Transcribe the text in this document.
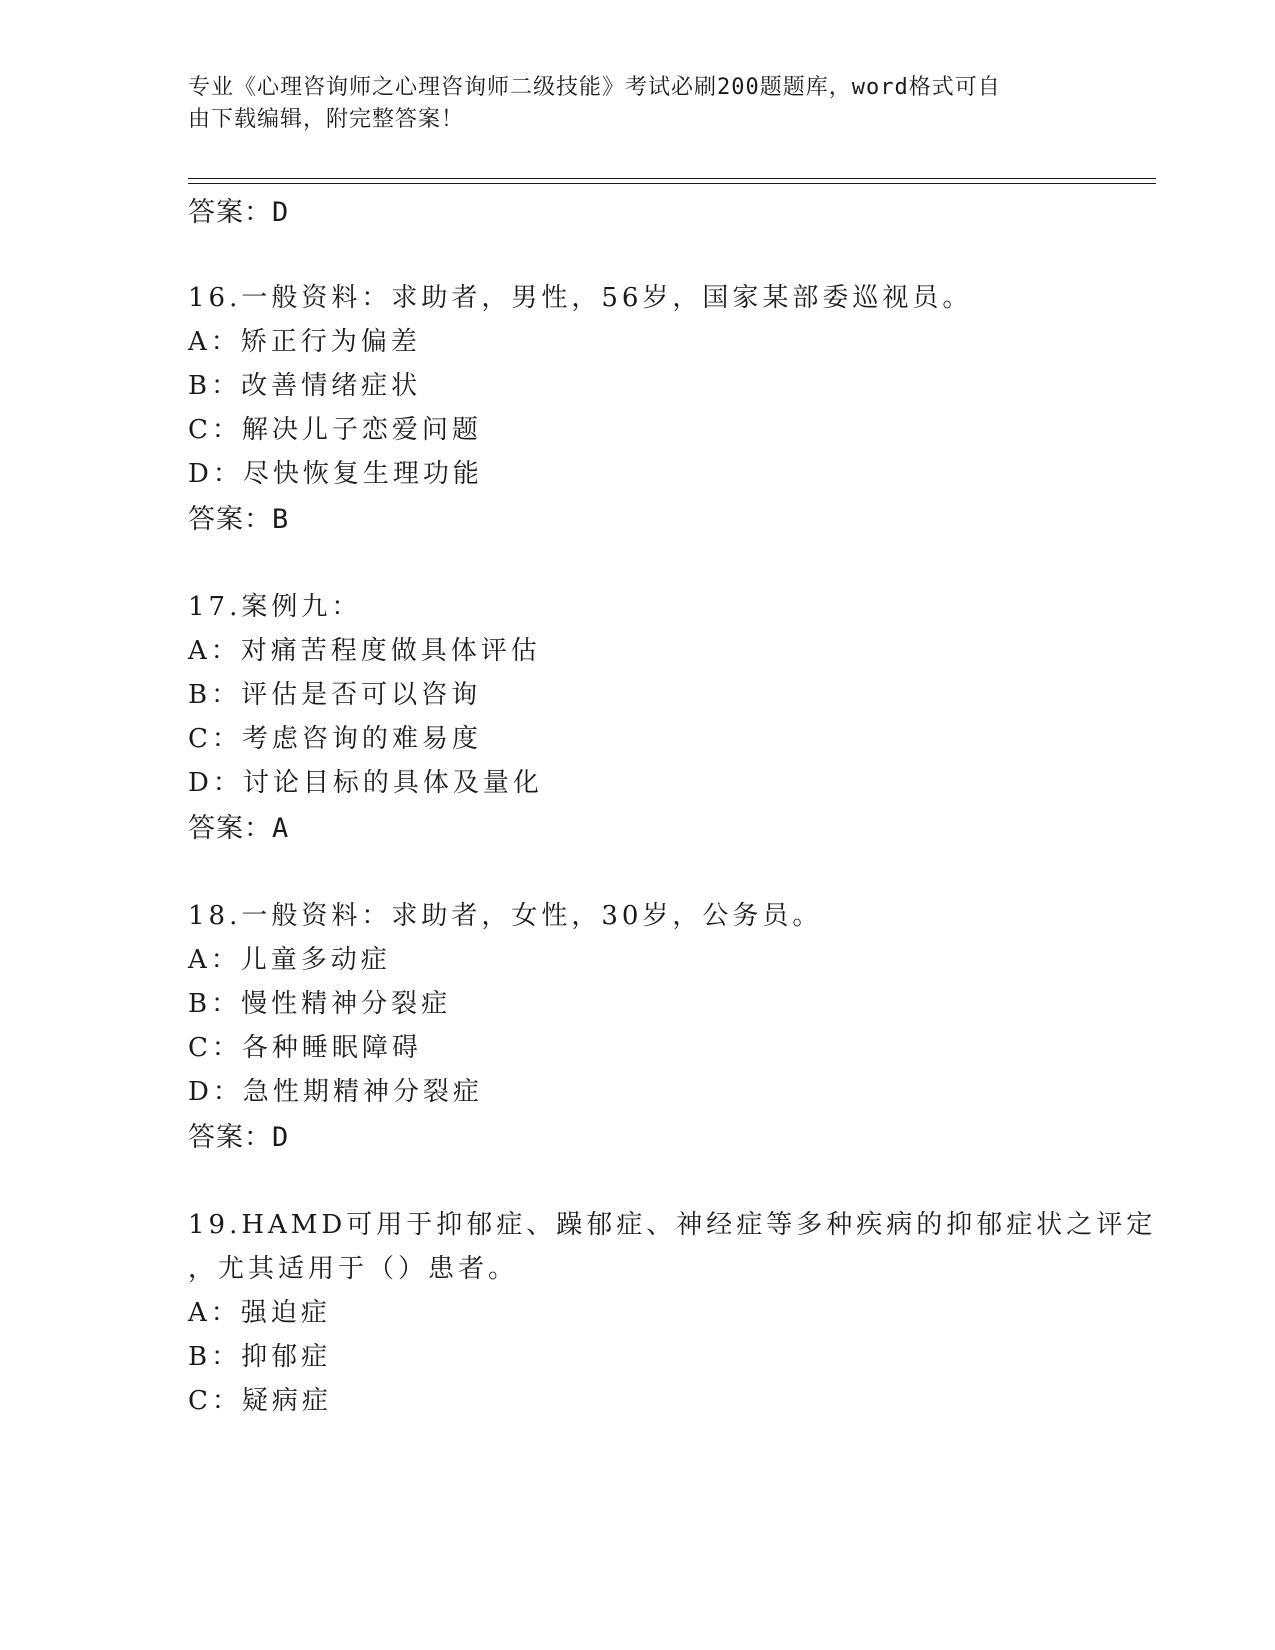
专业《心理咨询师之心理咨询师二级技能》考试必刷200题题库，word格式可自
由下载编辑，附完整答案！
答案：D
16.一般资料：求助者，男性，56岁，国家某部委巡视员。
A：矫正行为偏差
B：改善情绪症状
C：解决儿子恋爱问题
D：尽快恢复生理功能
答案：B
17.案例九：
A：对痛苦程度做具体评估
B：评估是否可以咨询
C：考虑咨询的难易度
D：讨论目标的具体及量化
答案：A
18.一般资料：求助者，女性，30岁，公务员。
A：儿童多动症
B：慢性精神分裂症
C：各种睡眠障碍
D：急性期精神分裂症
答案：D
19.HAMD可用于抑郁症、躁郁症、神经症等多种疾病的抑郁症状之评定
，尤其适用于（）患者。
A：强迫症
B：抑郁症
C：疑病症
